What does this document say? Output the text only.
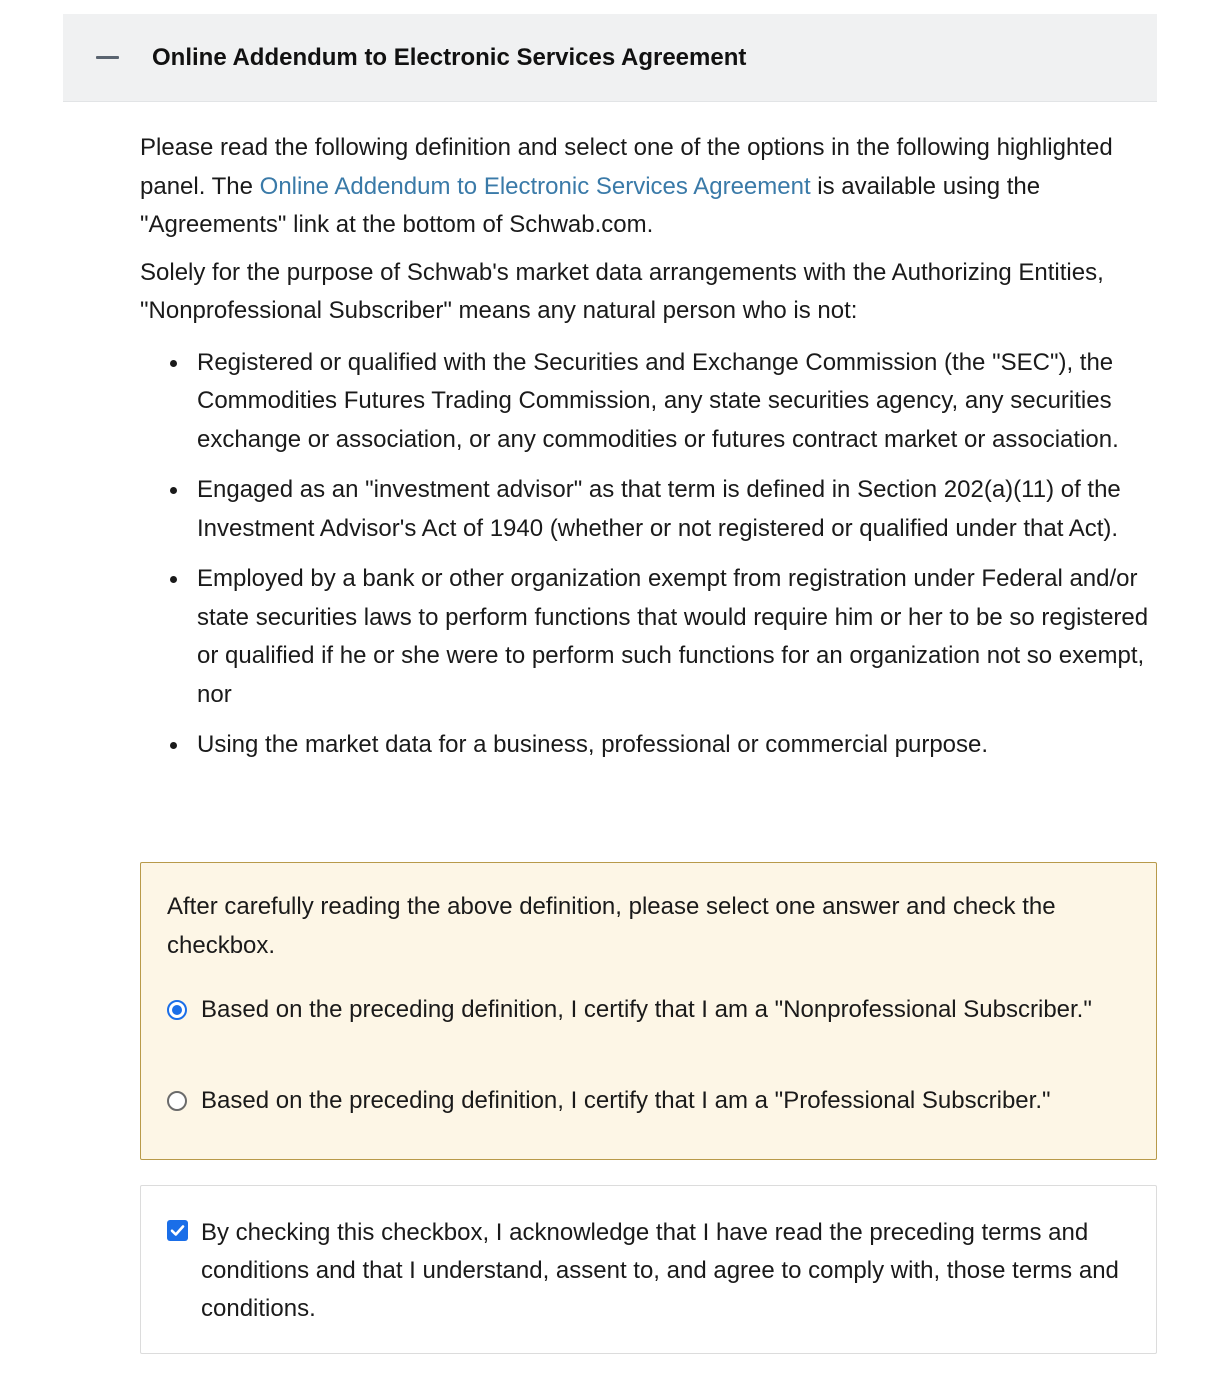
Online Addendum to Electronic Services Agreement

Please read the following definition and select one of the options in the following highlighted panel. The Online Addendum to Electronic Services Agreement is available using the "Agreements" link at the bottom of Schwab.com.

Solely for the purpose of Schwab's market data arrangements with the Authorizing Entities, "Nonprofessional Subscriber" means any natural person who is not:

Registered or qualified with the Securities and Exchange Commission (the "SEC"), the Commodities Futures Trading Commission, any state securities agency, any securities exchange or association, or any commodities or futures contract market or association.
Engaged as an "investment advisor" as that term is defined in Section 202(a)(11) of the Investment Advisor's Act of 1940 (whether or not registered or qualified under that Act).
Employed by a bank or other organization exempt from registration under Federal and/or state securities laws to perform functions that would require him or her to be so registered or qualified if he or she were to perform such functions for an organization not so exempt, nor
Using the market data for a business, professional or commercial purpose.
After carefully reading the above definition, please select one answer and check the checkbox.
Based on the preceding definition, I certify that I am a "Nonprofessional Subscriber."
Based on the preceding definition, I certify that I am a "Professional Subscriber."
By checking this checkbox, I acknowledge that I have read the preceding terms and conditions and that I understand, assent to, and agree to comply with, those terms and conditions.
